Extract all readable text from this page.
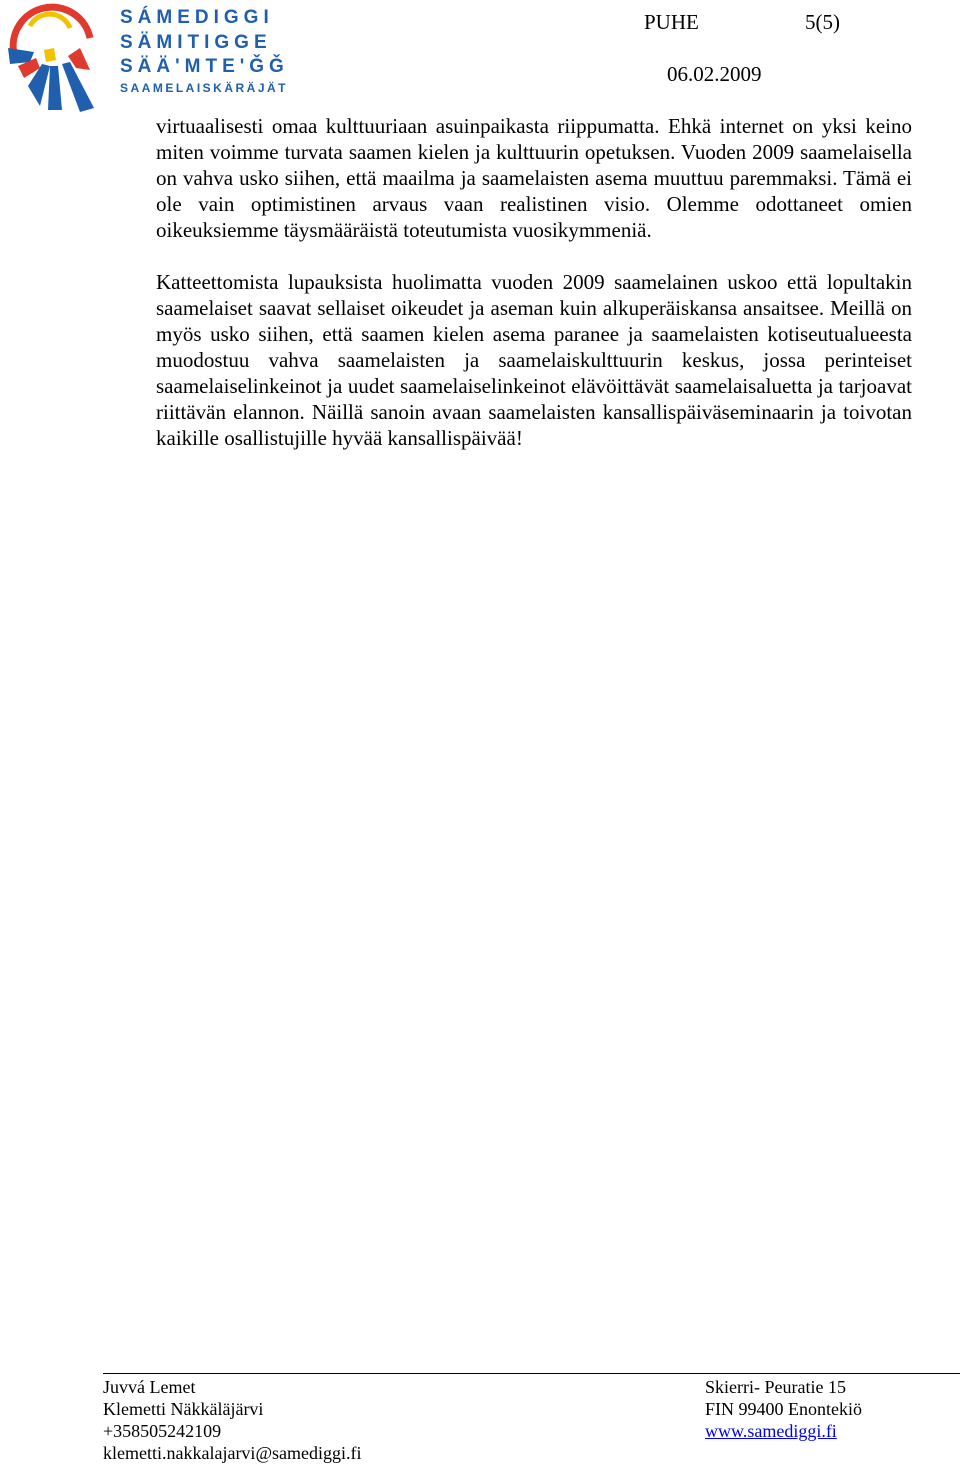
SÁMEDIGGI
SÄMITIGGE
SÄÄ'MTE'ǦǦ
SAAMELAISKÄRÄJÄT
PUHE	5(5)
06.02.2009

virtuaalisesti omaa kulttuuriaan asuinpaikasta riippumatta. Ehkä internet on yksi keino miten voimme turvata saamen kielen ja kulttuurin opetuksen. Vuoden 2009 saamelaisella on vahva usko siihen, että maailma ja saamelaisten asema muuttuu paremmaksi. Tämä ei ole vain optimistinen arvaus vaan realistinen visio. Olemme odottaneet omien oikeuksiemme täysmääräistä toteutumista vuosikymmeniä.

Katteettomista lupauksista huolimatta vuoden 2009 saamelainen uskoo että lopultakin saamelaiset saavat sellaiset oikeudet ja aseman kuin alkuperäiskansa ansaitsee. Meillä on myös usko siihen, että saamen kielen asema paranee ja saamelaisten kotiseutualueesta muodostuu vahva saamelaisten ja saamelaiskulttuurin keskus, jossa perinteiset saamelaiselinkeinot ja uudet saamelaiselinkeinot elävöittävät saamelaisaluetta ja tarjoavat riittävän elannon. Näillä sanoin avaan saamelaisten kansallispäiväseminaarin ja toivotan kaikille osallistujille hyvää kansallispäivää!

Juvvá Lemet
Klemetti Näkkäläjärvi
+358505242109
klemetti.nakkalajarvi@samediggi.fi
Skierri- Peuratie 15
FIN 99400 Enontekiö
www.samediggi.fi
